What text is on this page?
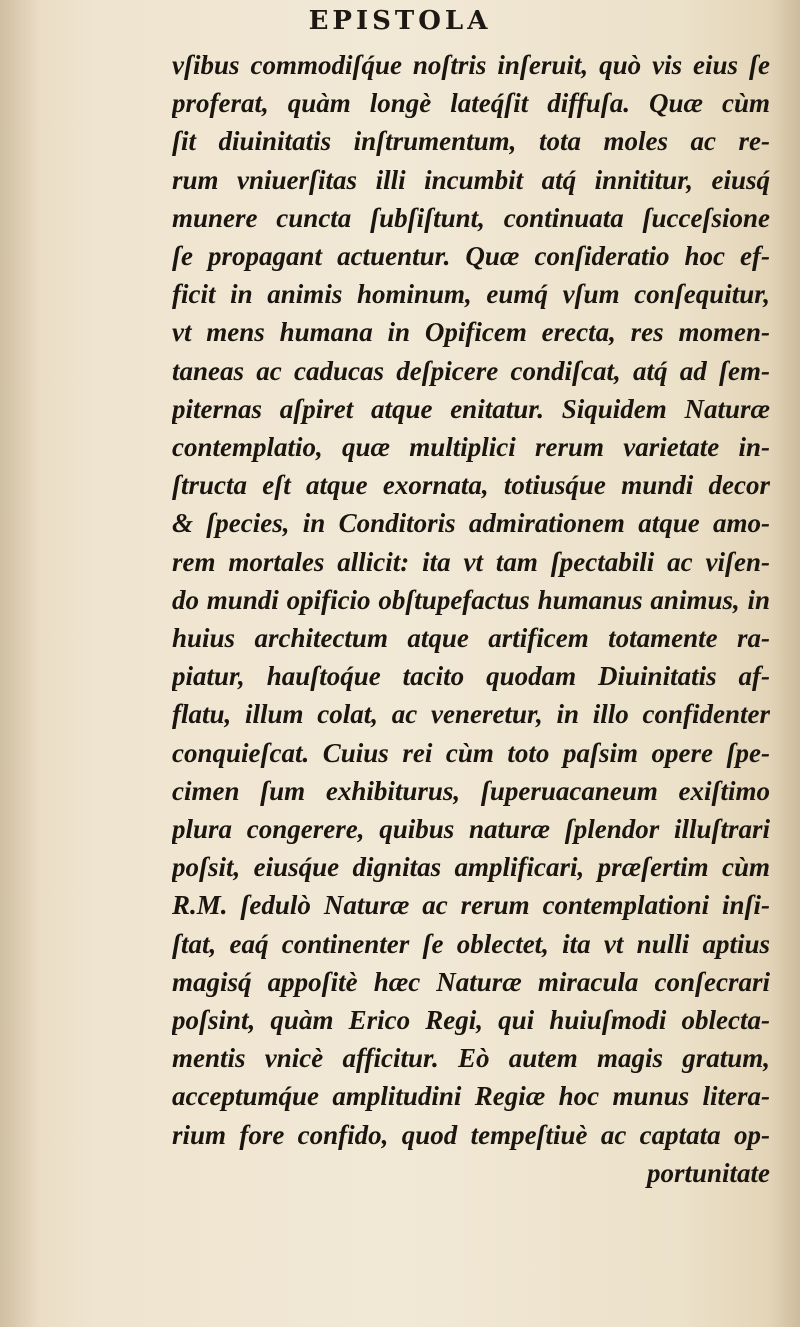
EPISTOLA
vſibus commodiſq́ue noſtris inſeruit, quò vis eius ſe
proferat, quàm longè lateq́ſit diffuſa. Quæ cùm
ſit diuinitatis inſtrumentum, tota moles ac re-
rum vniuerſitas illi incumbit atq́ innititur, eiusq́
munere cuncta ſubſiſtunt, continuata ſucceſsione
ſe propagant actuentur. Quæ conſideratio hoc ef-
ficit in animis hominum, eumq́ vſum conſequitur,
vt mens humana in Opificem erecta, res momen-
taneas ac caducas deſpicere condiſcat, atq́ ad ſem-
piternas aſpiret atque enitatur. Siquidem Naturæ
contemplatio, quæ multiplici rerum varietate in-
ſtructa eſt atque exornata, totiusq́ue mundi decor
& ſpecies, in Conditoris admirationem atque amo-
rem mortales allicit: ita vt tam ſpectabili ac viſen-
do mundi opificio obſtupefactus humanus animus, in
huius architectum atque artificem totamente ra-
piatur, hauſtoq́ue tacito quodam Diuinitatis af-
flatu, illum colat, ac veneretur, in illo confidenter
conquieſcat. Cuius rei cùm toto paſsim opere ſpe-
cimen ſum exhibiturus, ſuperuacaneum exiſtimo
plura congerere, quibus naturæ ſplendor illuſtrari
poſsit, eiusq́ue dignitas amplificari, præſertim cùm
R.M. ſedulò Naturæ ac rerum contemplationi inſi-
ſtat, eaq́ continenter ſe oblectet, ita vt nulli aptius
magisq́ appoſitè hæc Naturæ miracula conſecrari
poſsint, quàm Erico Regi, qui huiuſmodi oblecta-
mentis vnicè afficitur. Eò autem magis gratum,
acceptumq́ue amplitudini Regiæ hoc munus litera-
rium fore confido, quod tempeſtiuè ac captata op-
portunitate
